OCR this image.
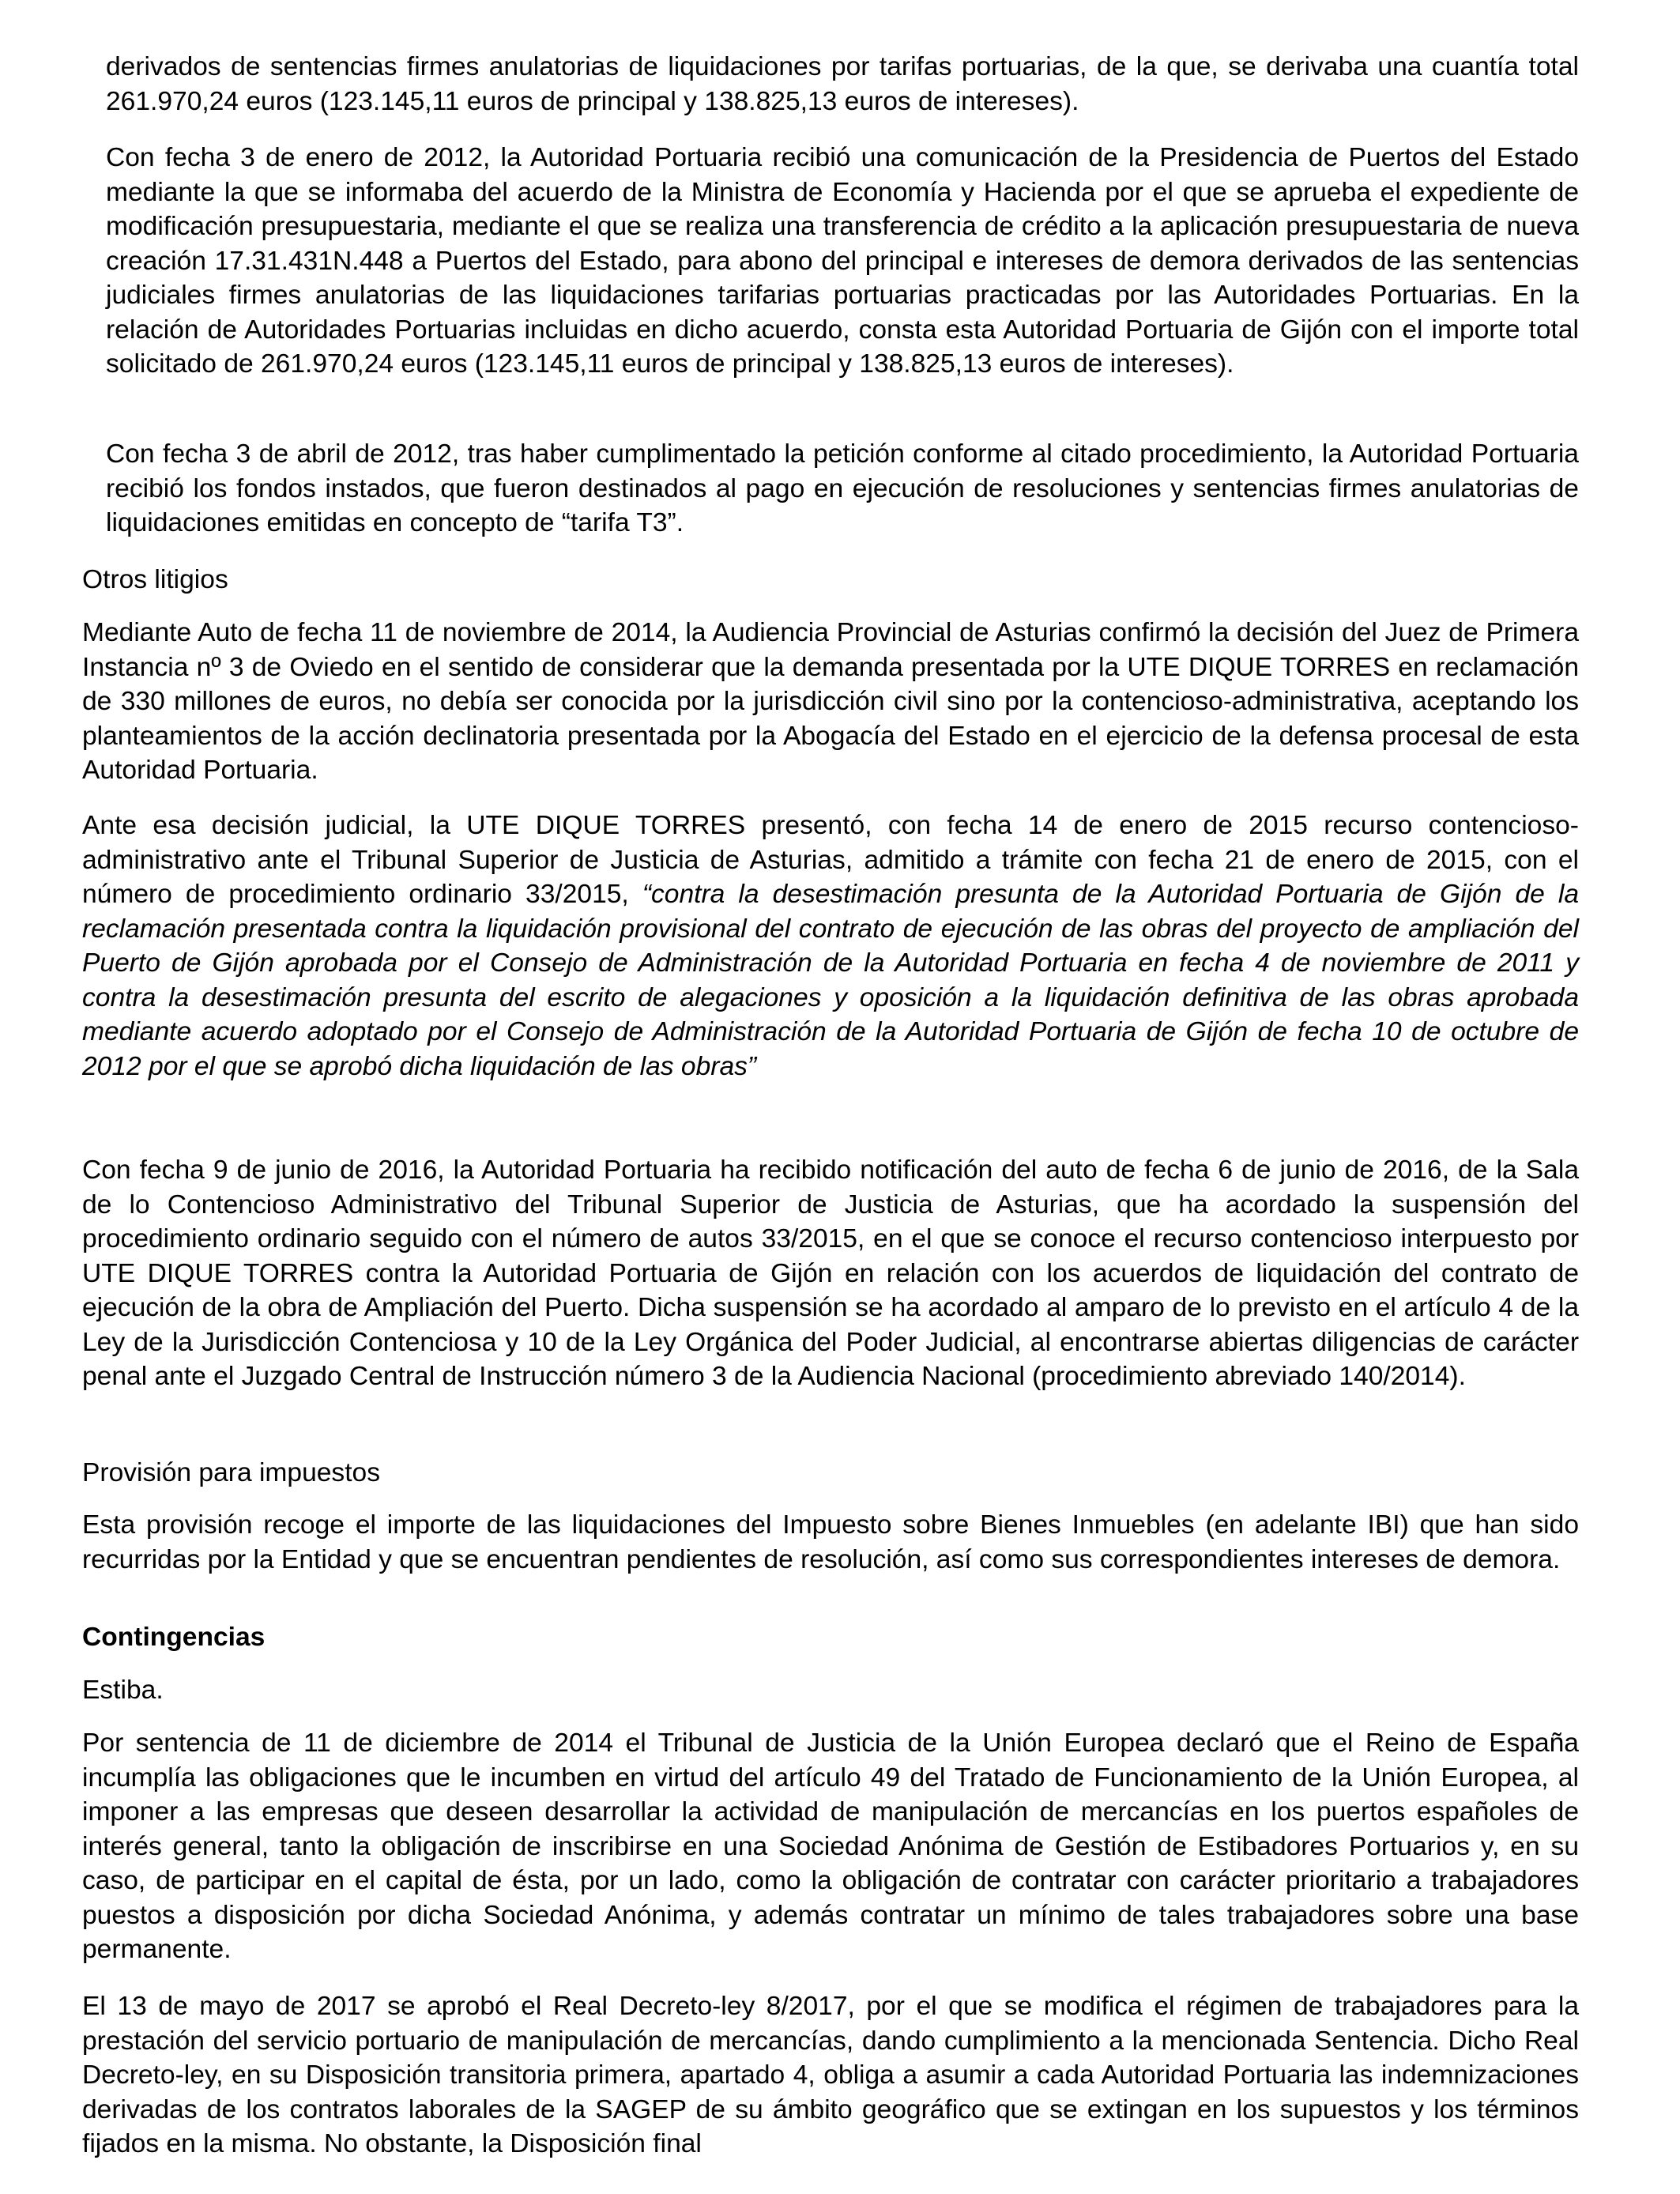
derivados de sentencias firmes anulatorias de liquidaciones por tarifas portuarias, de la que, se derivaba una cuantía total 261.970,24 euros (123.145,11 euros de principal y 138.825,13 euros de intereses).

Con fecha 3 de enero de 2012, la Autoridad Portuaria recibió una comunicación de la Presidencia de Puertos del Estado mediante la que se informaba del acuerdo de la Ministra de Economía y Hacienda por el que se aprueba el expediente de modificación presupuestaria, mediante el que se realiza una transferencia de crédito a la aplicación presupuestaria de nueva creación 17.31.431N.448 a Puertos del Estado, para abono del principal e intereses de demora derivados de las sentencias judiciales firmes anulatorias de las liquidaciones tarifarias portuarias practicadas por las Autoridades Portuarias. En la relación de Autoridades Portuarias incluidas en dicho acuerdo, consta esta Autoridad Portuaria de Gijón con el importe total solicitado de 261.970,24 euros (123.145,11 euros de principal y 138.825,13 euros de intereses).

Con fecha 3 de abril de 2012, tras haber cumplimentado la petición conforme al citado procedimiento, la Autoridad Portuaria recibió los fondos instados, que fueron destinados al pago en ejecución de resoluciones y sentencias firmes anulatorias de liquidaciones emitidas en concepto de “tarifa T3”.

Otros litigios

Mediante Auto de fecha 11 de noviembre de 2014, la Audiencia Provincial de Asturias confirmó la decisión del Juez de Primera Instancia nº 3 de Oviedo en el sentido de considerar que la demanda presentada por la UTE DIQUE TORRES en reclamación de 330 millones de euros, no debía ser conocida por la jurisdicción civil sino por la contencioso-administrativa, aceptando los planteamientos de la acción declinatoria presentada por la Abogacía del Estado en el ejercicio de la defensa procesal de esta Autoridad Portuaria.

Ante esa decisión judicial, la UTE DIQUE TORRES presentó, con fecha 14 de enero de 2015 recurso contencioso-administrativo ante el Tribunal Superior de Justicia de Asturias, admitido a trámite con fecha 21 de enero de 2015, con el número de procedimiento ordinario 33/2015, “contra la desestimación presunta de la Autoridad Portuaria de Gijón de la reclamación presentada contra la liquidación provisional del contrato de ejecución de las obras del proyecto de ampliación del Puerto de Gijón aprobada por el Consejo de Administración de la Autoridad Portuaria en fecha 4 de noviembre de 2011 y contra la desestimación presunta del escrito de alegaciones y oposición a la liquidación definitiva de las obras aprobada mediante acuerdo adoptado por el Consejo de Administración de la Autoridad Portuaria de Gijón de fecha 10 de octubre de 2012 por el que se aprobó dicha liquidación de las obras”

Con fecha 9 de junio de 2016, la Autoridad Portuaria ha recibido notificación del auto de fecha 6 de junio de 2016, de la Sala de lo Contencioso Administrativo del Tribunal Superior de Justicia de Asturias, que ha acordado la suspensión del procedimiento ordinario seguido con el número de autos 33/2015, en el que se conoce el recurso contencioso interpuesto por UTE DIQUE TORRES contra la Autoridad Portuaria de Gijón en relación con los acuerdos de liquidación del contrato de ejecución de la obra de Ampliación del Puerto. Dicha suspensión se ha acordado al amparo de lo previsto en el artículo 4 de la Ley de la Jurisdicción Contenciosa y 10 de la Ley Orgánica del Poder Judicial, al encontrarse abiertas diligencias de carácter penal ante el Juzgado Central de Instrucción número 3 de la Audiencia Nacional (procedimiento abreviado 140/2014).

Provisión para impuestos

Esta provisión recoge el importe de las liquidaciones del Impuesto sobre Bienes Inmuebles (en adelante IBI) que han sido recurridas por la Entidad y que se encuentran pendientes de resolución, así como sus correspondientes intereses de demora.

Contingencias

Estiba.

Por sentencia de 11 de diciembre de 2014 el Tribunal de Justicia de la Unión Europea declaró que el Reino de España incumplía las obligaciones que le incumben en virtud del artículo 49 del Tratado de Funcionamiento de la Unión Europea, al imponer a las empresas que deseen desarrollar la actividad de manipulación de mercancías en los puertos españoles de interés general, tanto la obligación de inscribirse en una Sociedad Anónima de Gestión de Estibadores Portuarios y, en su caso, de participar en el capital de ésta, por un lado, como la obligación de contratar con carácter prioritario a trabajadores puestos a disposición por dicha Sociedad Anónima, y además contratar un mínimo de tales trabajadores sobre una base permanente.

El 13 de mayo de 2017 se aprobó el Real Decreto-ley 8/2017, por el que se modifica el régimen de trabajadores para la prestación del servicio portuario de manipulación de mercancías, dando cumplimiento a la mencionada Sentencia. Dicho Real Decreto-ley, en su Disposición transitoria primera, apartado 4, obliga a asumir a cada Autoridad Portuaria las indemnizaciones derivadas de los contratos laborales de la SAGEP de su ámbito geográfico que se extingan en los supuestos y los términos fijados en la misma. No obstante, la Disposición final
